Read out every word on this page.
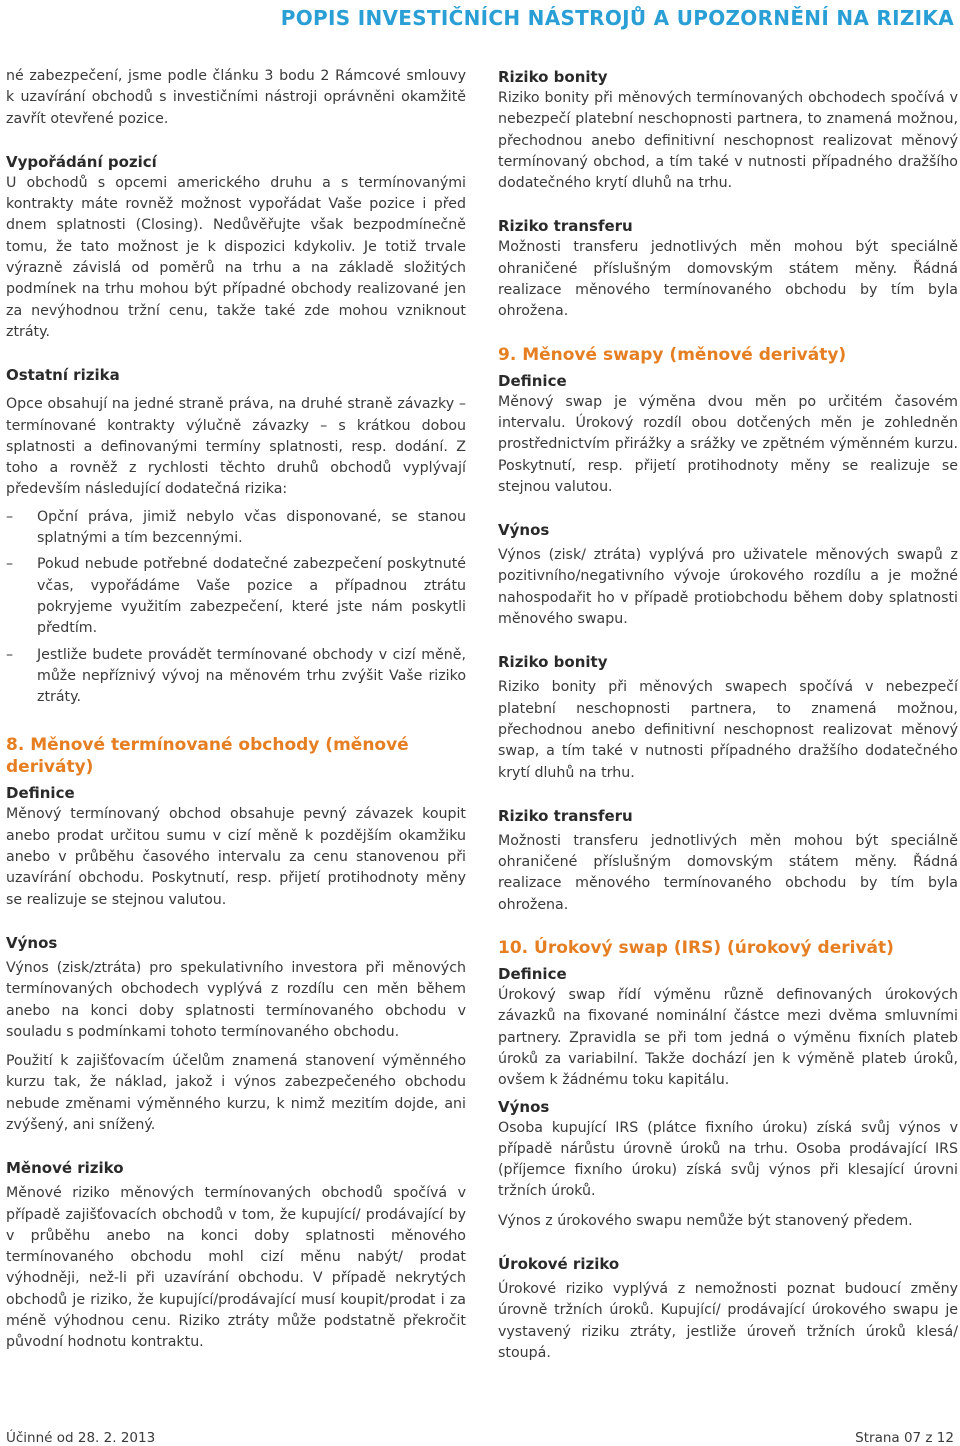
POPIS INVESTIČNÍCH NÁSTROJŮ A UPOZORNĚNÍ NA RIZIKA

né zabezpečení, jsme podle článku 3 bodu 2 Rámcové smlouvy k uzavírání obchodů s investičními nástroji oprávněni okamžitě zavřít otevřené pozice.

Vypořádání pozicí

U obchodů s opcemi amerického druhu a s termínovanými kontrakty máte rovněž možnost vypořádat Vaše pozice i před dnem splatnosti (Closing). Nedůvěřujte však bezpodmínečně tomu, že tato možnost je k dispozici kdykoliv. Je totiž trvale výrazně závislá od poměrů na trhu a na základě složitých podmínek na trhu mohou být případné obchody realizované jen za nevýhodnou tržní cenu, takže také zde mohou vzniknout ztráty.

Ostatní rizika

Opce obsahují na jedné straně práva, na druhé straně závazky – termínované kontrakty výlučně závazky – s krátkou dobou splatnosti a definovanými termíny splatnosti, resp. dodání. Z toho a rovněž z rychlosti těchto druhů obchodů vyplývají především následující dodatečná rizika:

– Opční práva, jimiž nebylo včas disponované, se stanou splatnými a tím bezcennými.
– Pokud nebude potřebné dodatečné zabezpečení poskytnuté včas, vypořádáme Vaše pozice a případnou ztrátu pokryjeme využitím zabezpečení, které jste nám poskytli předtím.
– Jestliže budete provádět termínované obchody v cizí měně, může nepříznivý vývoj na měnovém trhu zvýšit Vaše riziko ztráty.
8. Měnové termínované obchody (měnové deriváty)
Definice

Měnový termínovaný obchod obsahuje pevný závazek koupit anebo prodat určitou sumu v cizí měně k pozdějším okamžiku anebo v průběhu časového intervalu za cenu stanovenou při uzavírání obchodu. Poskytnutí, resp. přijetí protihodnoty měny se realizuje se stejnou valutou.

Výnos

Výnos (zisk/ztráta) pro spekulativního investora při měnových termínovaných obchodech vyplývá z rozdílu cen měn během anebo na konci doby splatnosti termínovaného obchodu v souladu s podmínkami tohoto termínovaného obchodu.

Použití k zajišťovacím účelům znamená stanovení výměnného kurzu tak, že náklad, jakož i výnos zabezpečeného obchodu nebude změnami výměnného kurzu, k nimž mezitím dojde, ani zvýšený, ani snížený.

Měnové riziko

Měnové riziko měnových termínovaných obchodů spočívá v případě zajišťovacích obchodů v tom, že kupující/ prodávající by v průběhu anebo na konci doby splatnosti měnového termínovaného obchodu mohl cizí měnu nabýt/ prodat výhodněji, než-li při uzavírání obchodu. V případě nekrytých obchodů je riziko, že kupující/prodávající musí koupit/prodat i za méně výhodnou cenu. Riziko ztráty může podstatně překročit původní hodnotu kontraktu.

Riziko bonity

Riziko bonity při měnových termínovaných obchodech spočívá v nebezpečí platební neschopnosti partnera, to znamená možnou, přechodnou anebo definitivní neschopnost realizovat měnový termínovaný obchod, a tím také v nutnosti případného dražšího dodatečného krytí dluhů na trhu.

Riziko transferu

Možnosti transferu jednotlivých měn mohou být speciálně ohraničené příslušným domovským státem měny. Řádná realizace měnového termínovaného obchodu by tím byla ohrožena.

9. Měnové swapy (měnové deriváty)
Definice

Měnový swap je výměna dvou měn po určitém časovém intervalu. Úrokový rozdíl obou dotčených měn je zohledněn prostřednictvím přirážky a srážky ve zpětném výměnném kurzu. Poskytnutí, resp. přijetí protihodnoty měny se realizuje se stejnou valutou.

Výnos

Výnos (zisk/ ztráta) vyplývá pro uživatele měnových swapů z pozitivního/negativního vývoje úrokového rozdílu a je možné nahospodařit ho v případě protiobchodu během doby splatnosti měnového swapu.

Riziko bonity

Riziko bonity při měnových swapech spočívá v nebezpečí platební neschopnosti partnera, to znamená možnou, přechodnou anebo definitivní neschopnost realizovat měnový swap, a tím také v nutnosti případného dražšího dodatečného krytí dluhů na trhu.

Riziko transferu

Možnosti transferu jednotlivých měn mohou být speciálně ohraničené příslušným domovským státem měny. Řádná realizace měnového termínovaného obchodu by tím byla ohrožena.

10. Úrokový swap (IRS) (úrokový derivát)
Definice

Úrokový swap řídí výměnu různě definovaných úrokových závazků na fixované nominální částce mezi dvěma smluvními partnery. Zpravidla se při tom jedná o výměnu fixních plateb úroků za variabilní. Takže dochází jen k výměně plateb úroků, ovšem k žádnému toku kapitálu.

Výnos

Osoba kupující IRS (plátce fixního úroku) získá svůj výnos v případě nárůstu úrovně úroků na trhu. Osoba prodávající IRS (příjemce fixního úroku) získá svůj výnos při klesající úrovni tržních úroků.

Výnos z úrokového swapu nemůže být stanovený předem.

Úrokové riziko

Úrokové riziko vyplývá z nemožnosti poznat budoucí změny úrovně tržních úroků. Kupující/ prodávající úrokového swapu je vystavený riziku ztráty, jestliže úroveň tržních úroků klesá/ stoupá.

Účinné od 28. 2. 2013	Strana 07 z 12
